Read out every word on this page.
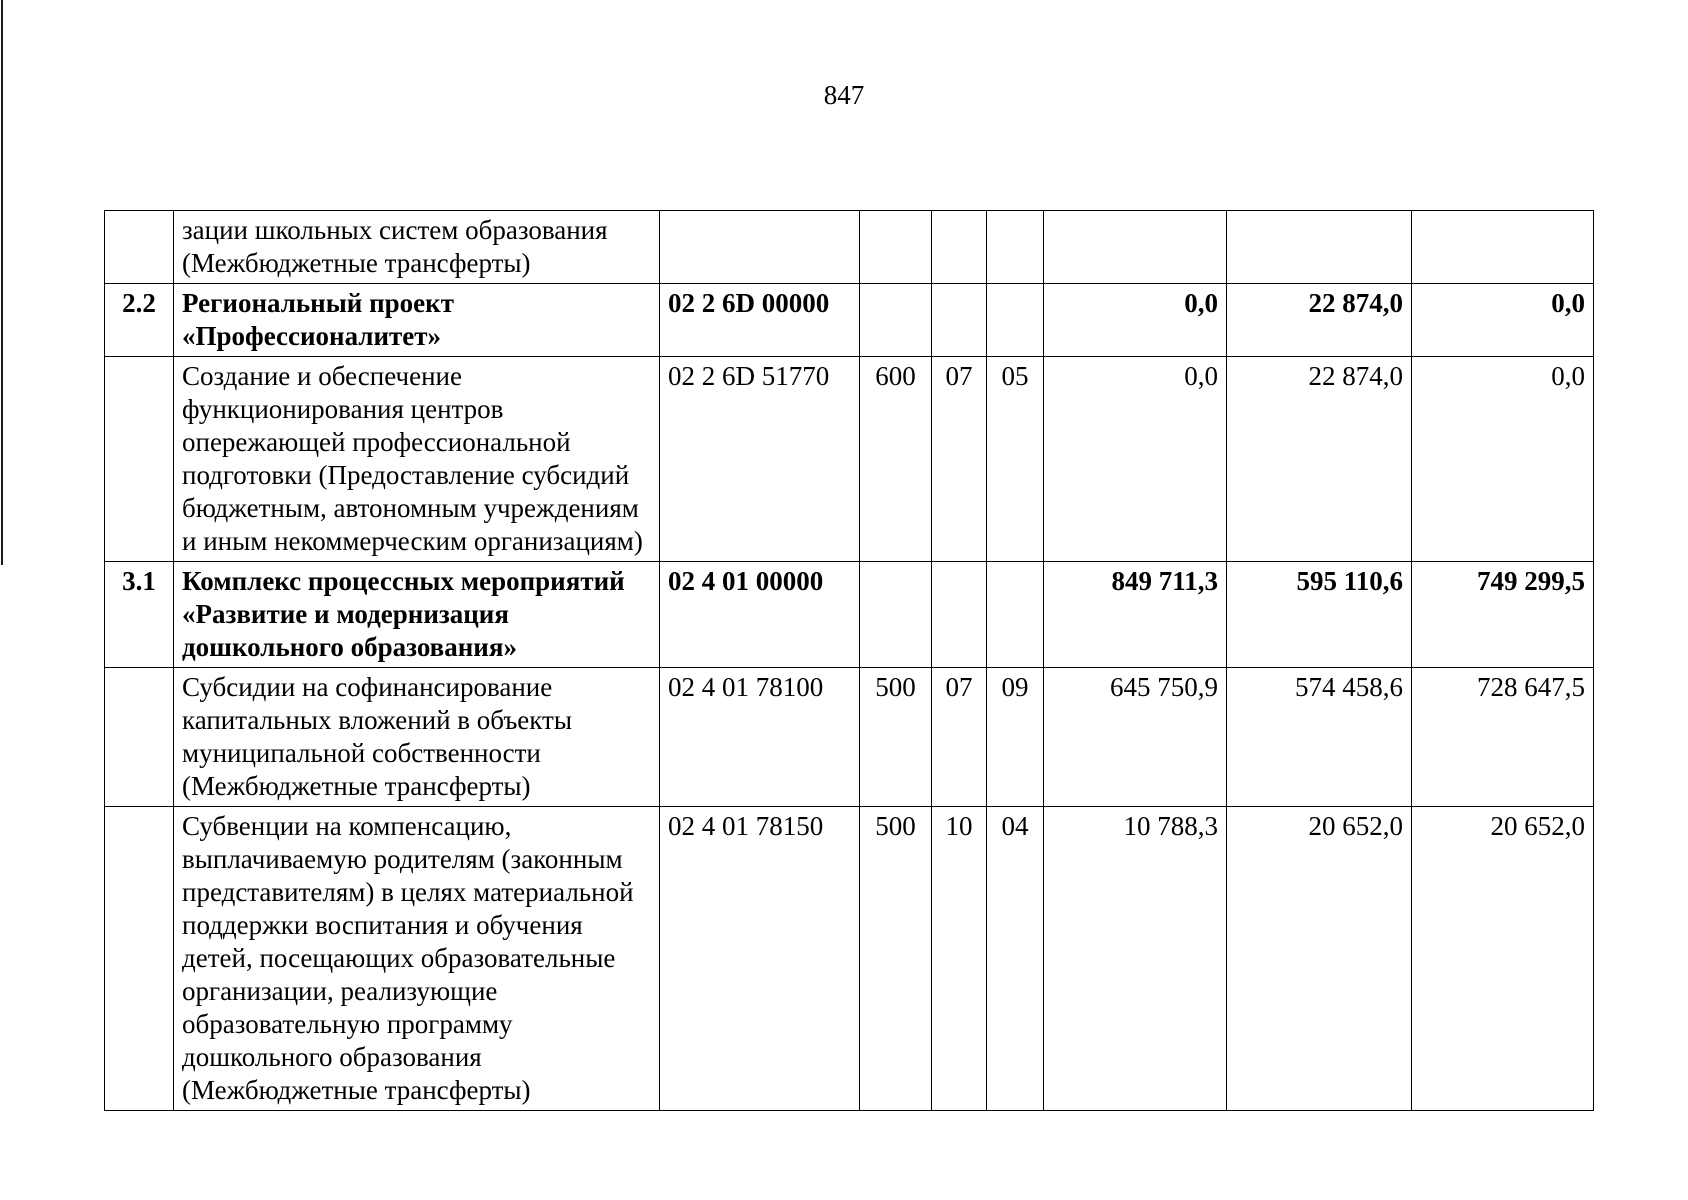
847
	зации школьных систем образования (Межбюджетные трансферты)							
2.2	Региональный проект «Профессионалитет»	02 2 6D 00000				0,0	22 874,0	0,0
	Создание и обеспечение функционирования центров опережающей профессиональной подготовки (Предоставление субсидий бюджетным, автономным учреждениям и иным некоммерческим организациям)	02 2 6D 51770	600	07	05	0,0	22 874,0	0,0
3.1	Комплекс процессных мероприятий «Развитие и модернизация дошкольного образования»	02 4 01 00000				849 711,3	595 110,6	749 299,5
	Субсидии на софинансирование капитальных вложений в объекты муниципальной собственности (Межбюджетные трансферты)	02 4 01 78100	500	07	09	645 750,9	574 458,6	728 647,5
	Субвенции на компенсацию, выплачиваемую родителям (законным представителям) в целях материальной поддержки воспитания и обучения детей, посещающих образовательные организации, реализующие образовательную программу дошкольного образования (Межбюджетные трансферты)	02 4 01 78150	500	10	04	10 788,3	20 652,0	20 652,0
